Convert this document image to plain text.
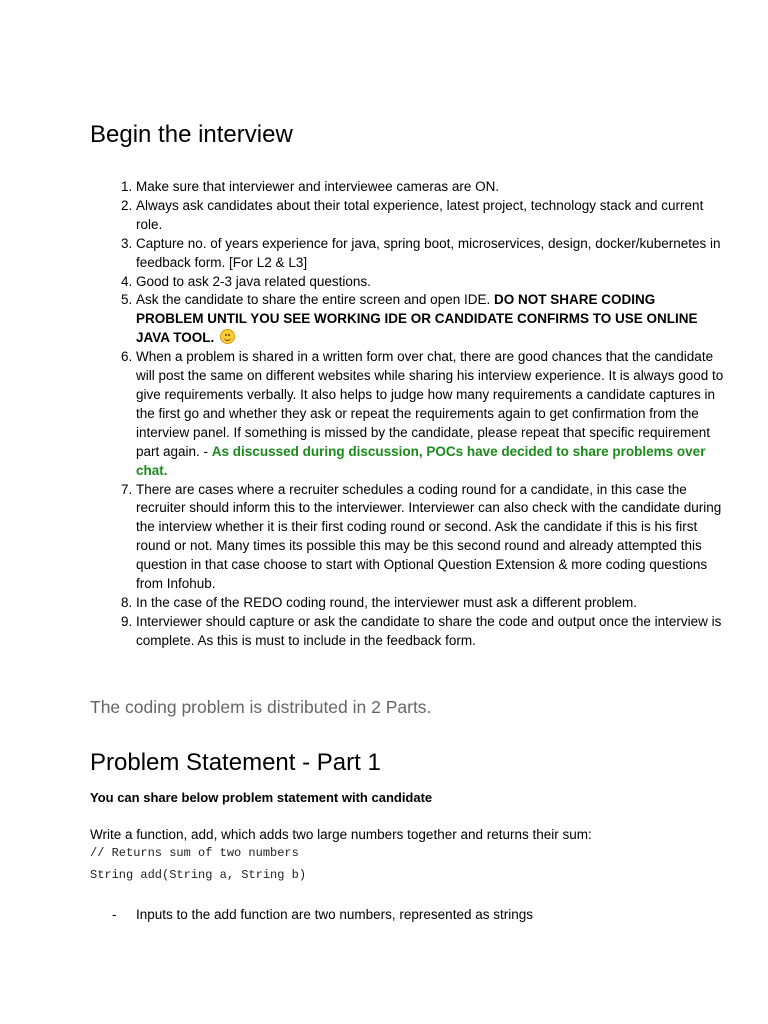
Begin the interview
1. Make sure that interviewer and interviewee cameras are ON.
2. Always ask candidates about their total experience, latest project, technology stack and current role.
3. Capture no. of years experience for java, spring boot, microservices, design, docker/kubernetes in feedback form. [For L2 & L3]
4. Good to ask 2-3 java related questions.
5. Ask the candidate to share the entire screen and open IDE. DO NOT SHARE CODING PROBLEM UNTIL YOU SEE WORKING IDE OR CANDIDATE CONFIRMS TO USE ONLINE JAVA TOOL.
6. When a problem is shared in a written form over chat, there are good chances that the candidate will post the same on different websites while sharing his interview experience. It is always good to give requirements verbally. It also helps to judge how many requirements a candidate captures in the first go and whether they ask or repeat the requirements again to get confirmation from the interview panel. If something is missed by the candidate, please repeat that specific requirement part again. - As discussed during discussion, POCs have decided to share problems over chat.
7. There are cases where a recruiter schedules a coding round for a candidate, in this case the recruiter should inform this to the interviewer. Interviewer can also check with the candidate during the interview whether it is their first coding round or second. Ask the candidate if this is his first round or not. Many times its possible this may be this second round and already attempted this question in that case choose to start with Optional Question Extension & more coding questions from Infohub.
8. In the case of the REDO coding round, the interviewer must ask a different problem.
9. Interviewer should capture or ask the candidate to share the code and output once the interview is complete. As this is must to include in the feedback form.

The coding problem is distributed in 2 Parts.

Problem Statement - Part 1

You can share below problem statement with candidate

Write a function, add, which adds two large numbers together and returns their sum:

// Returns sum of two numbers
String add(String a, String b)
- Inputs to the add function are two numbers, represented as strings
